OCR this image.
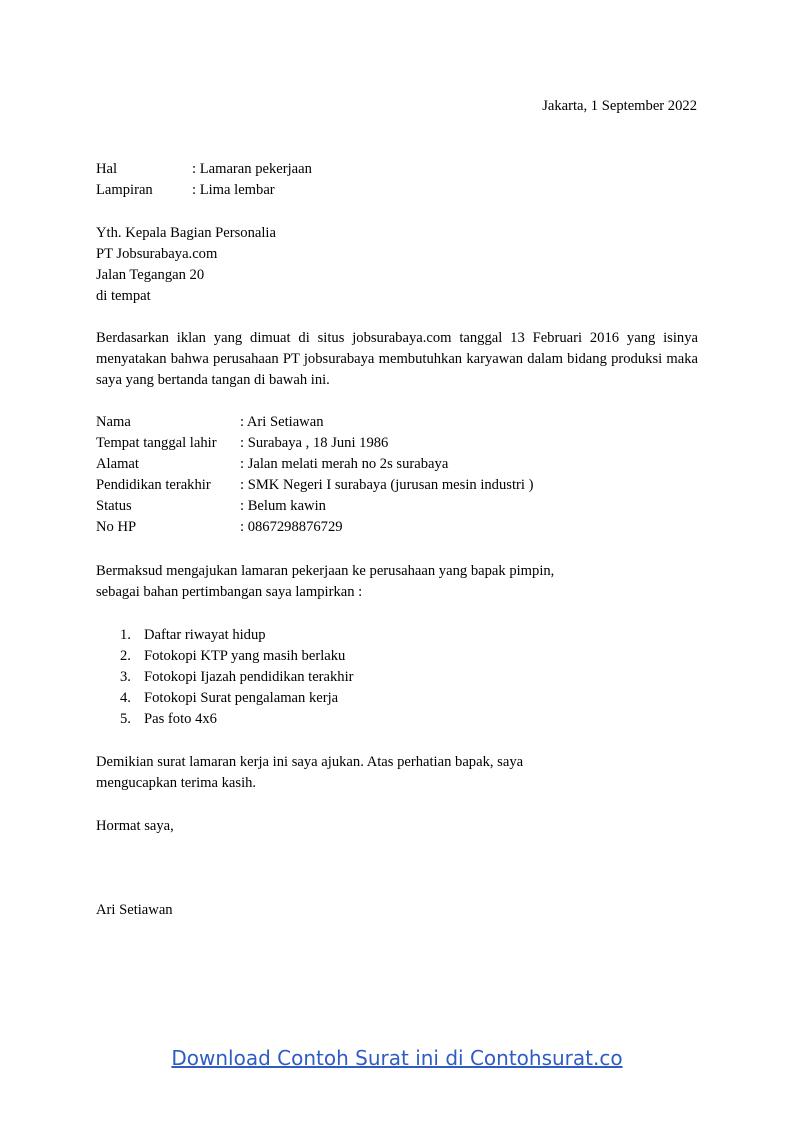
Jakarta, 1 September 2022
Hal	: Lamaran pekerjaan
Lampiran	: Lima lembar
Yth. Kepala Bagian Personalia
PT Jobsurabaya.com
Jalan Tegangan 20
di tempat
Berdasarkan iklan yang dimuat di situs jobsurabaya.com tanggal 13 Februari 2016 yang isinya menyatakan bahwa perusahaan PT jobsurabaya membutuhkan karyawan dalam bidang produksi maka saya yang bertanda tangan di bawah ini.
Nama	: Ari Setiawan
Tempat tanggal lahir	: Surabaya , 18 Juni 1986
Alamat	: Jalan melati merah no 2s surabaya
Pendidikan terakhir	: SMK Negeri I surabaya (jurusan mesin industri )
Status	: Belum kawin
No HP	: 0867298876729
Bermaksud mengajukan lamaran pekerjaan ke perusahaan yang bapak pimpin,
sebagai bahan pertimbangan saya lampirkan :
1. Daftar riwayat hidup
2. Fotokopi KTP yang masih berlaku
3. Fotokopi Ijazah pendidikan terakhir
4. Fotokopi Surat pengalaman kerja
5. Pas foto 4x6
Demikian surat lamaran kerja ini saya ajukan. Atas perhatian bapak, saya
mengucapkan terima kasih.
Hormat saya,
Ari Setiawan
Download Contoh Surat ini di Contohsurat.co
